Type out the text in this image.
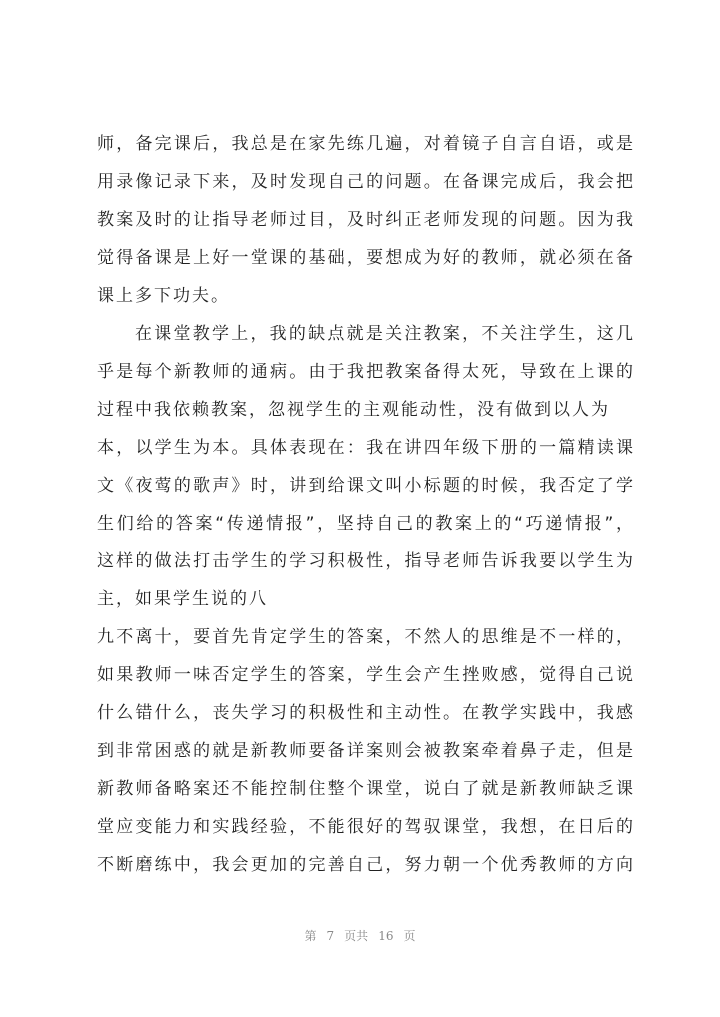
师，备完课后，我总是在家先练几遍，对着镜子自言自语，或是
用录像记录下来，及时发现自己的问题。在备课完成后，我会把
教案及时的让指导老师过目，及时纠正老师发现的问题。因为我
觉得备课是上好一堂课的基础，要想成为好的教师，就必须在备
课上多下功夫。
在课堂教学上，我的缺点就是关注教案，不关注学生，这几
乎是每个新教师的通病。由于我把教案备得太死，导致在上课的
过程中我依赖教案，忽视学生的主观能动性，没有做到以人为
本，以学生为本。具体表现在：我在讲四年级下册的一篇精读课
文《夜莺的歌声》时，讲到给课文叫小标题的时候，我否定了学
生们给的答案“传递情报”，坚持自己的教案上的“巧递情报”，
这样的做法打击学生的学习积极性，指导老师告诉我要以学生为
主，如果学生说的八
九不离十，要首先肯定学生的答案，不然人的思维是不一样的，
如果教师一味否定学生的答案，学生会产生挫败感，觉得自己说
什么错什么，丧失学习的积极性和主动性。在教学实践中，我感
到非常困惑的就是新教师要备详案则会被教案牵着鼻子走，但是
新教师备略案还不能控制住整个课堂，说白了就是新教师缺乏课
堂应变能力和实践经验，不能很好的驾驭课堂，我想，在日后的
不断磨练中，我会更加的完善自己，努力朝一个优秀教师的方向
第 7 页共 16 页
